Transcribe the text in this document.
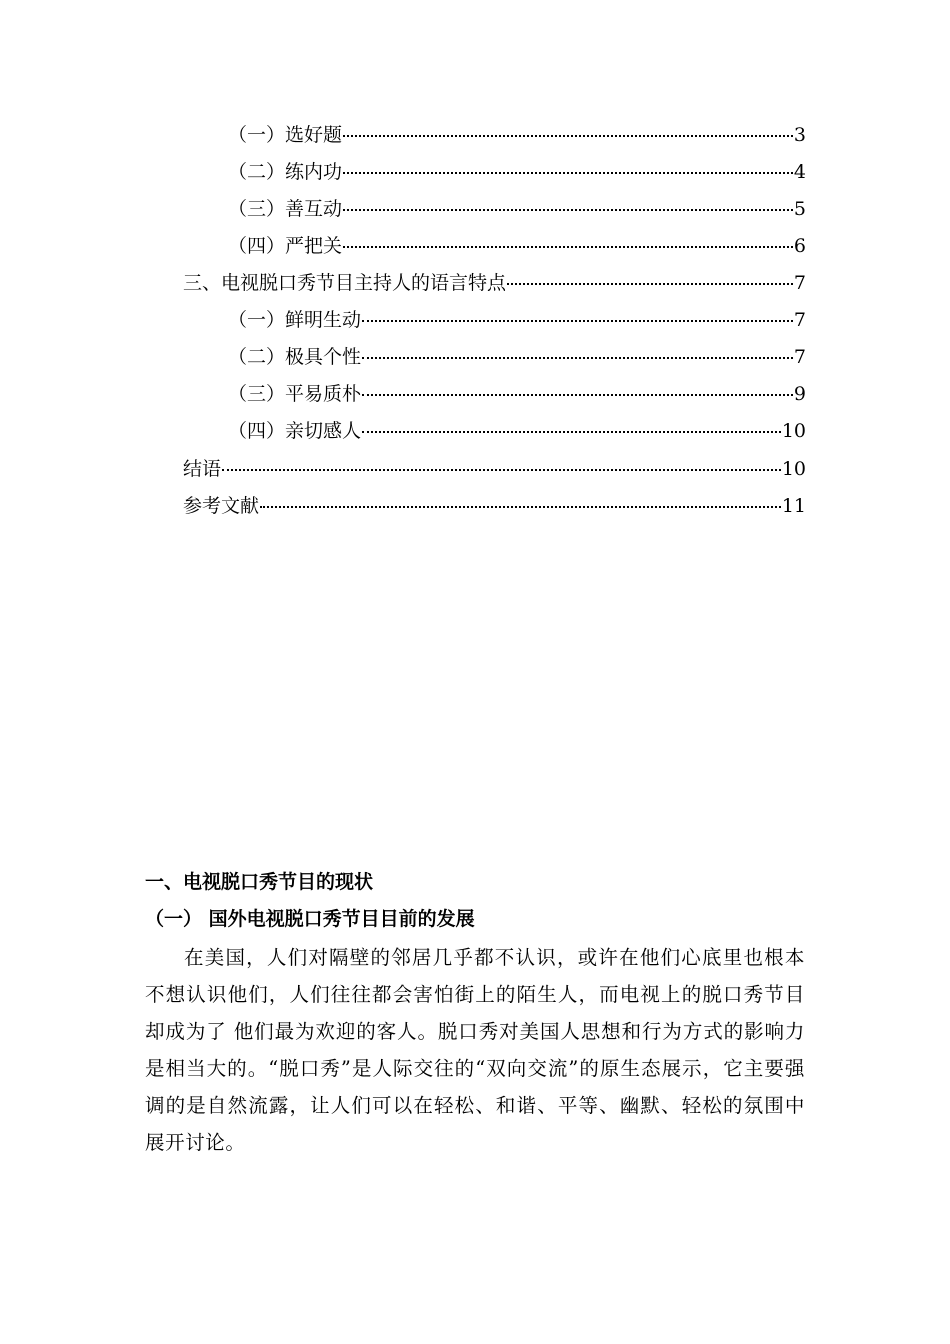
（一）选好题	3
（二）练内功	4
（三）善互动	5
（四）严把关	6
三、电视脱口秀节目主持人的语言特点	7
（一）鲜明生动	7
（二）极具个性	7
（三）平易质朴	9
（四）亲切感人	10
结语	10
参考文献	11
一、电视脱口秀节目的现状
（一） 国外电视脱口秀节目目前的发展

在美国，人们对隔壁的邻居几乎都不认识，或许在他们心底里也根本不想认识他们，人们往往都会害怕街上的陌生人，而电视上的脱口秀节目却成为了 他们最为欢迎的客人。脱口秀对美国人思想和行为方式的影响力是相当大的。“脱口秀”是人际交往的“双向交流”的原生态展示，它主要强调的是自然流露，让人们可以在轻松、和谐、平等、幽默、轻松的氛围中展开讨论。
